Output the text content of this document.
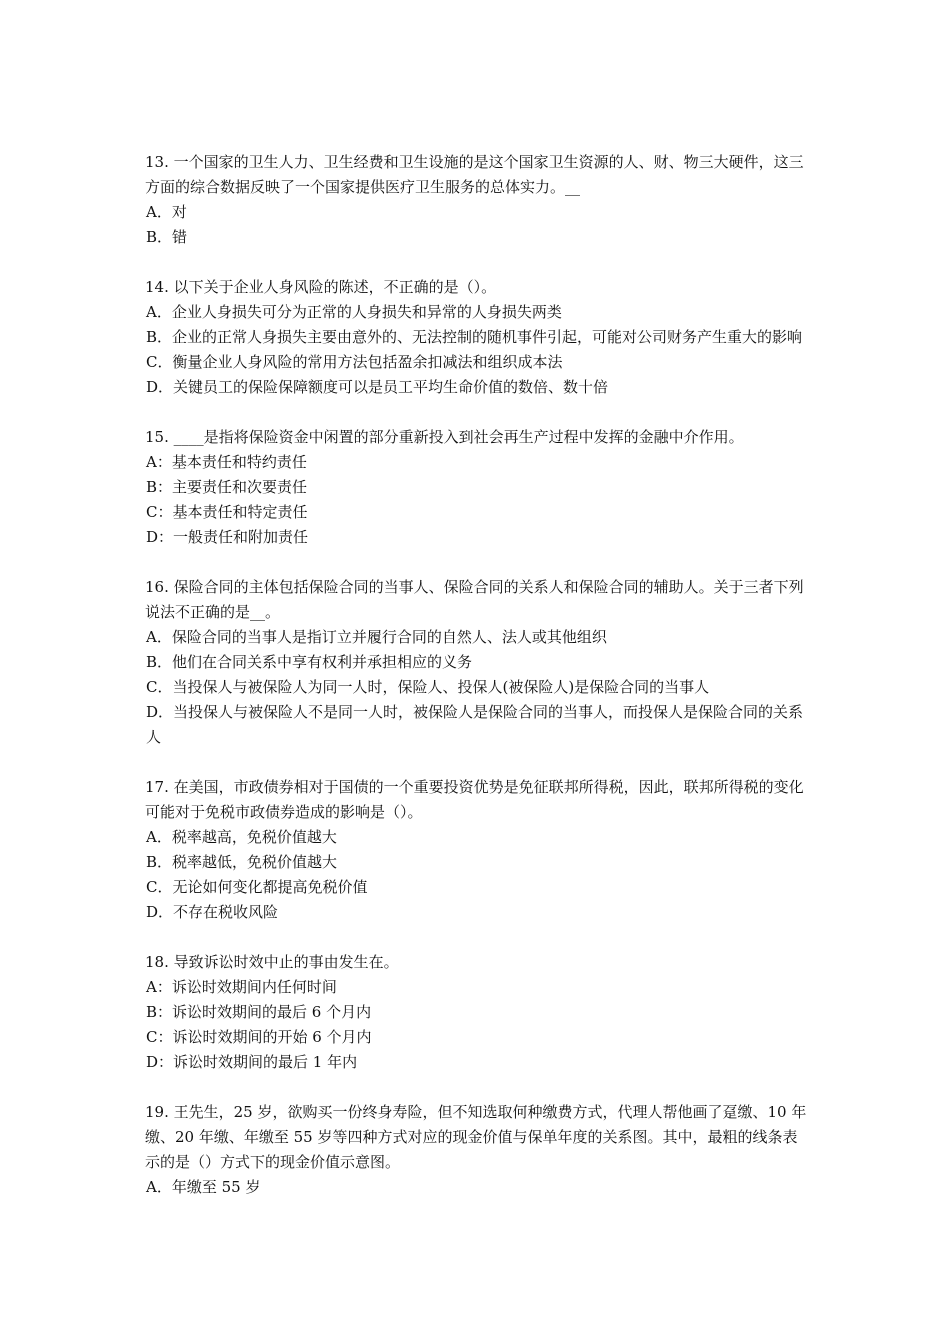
13. 一个国家的卫生人力、卫生经费和卫生设施的是这个国家卫生资源的人、财、物三大硬件，这三方面的综合数据反映了一个国家提供医疗卫生服务的总体实力。__

A．对

B．错

14. 以下关于企业人身风险的陈述，不正确的是（）。

A．企业人身损失可分为正常的人身损失和异常的人身损失两类

B．企业的正常人身损失主要由意外的、无法控制的随机事件引起，可能对公司财务产生重大的影响

C．衡量企业人身风险的常用方法包括盈余扣减法和组织成本法

D．关键员工的保险保障额度可以是员工平均生命价值的数倍、数十倍

15. ____是指将保险资金中闲置的部分重新投入到社会再生产过程中发挥的金融中介作用。

A：基本责任和特约责任

B：主要责任和次要责任

C：基本责任和特定责任

D：一般责任和附加责任

16. 保险合同的主体包括保险合同的当事人、保险合同的关系人和保险合同的辅助人。关于三者下列说法不正确的是__。

A．保险合同的当事人是指订立并履行合同的自然人、法人或其他组织

B．他们在合同关系中享有权利并承担相应的义务

C．当投保人与被保险人为同一人时，保险人、投保人(被保险人)是保险合同的当事人

D．当投保人与被保险人不是同一人时，被保险人是保险合同的当事人，而投保人是保险合同的关系人

17. 在美国，市政债券相对于国债的一个重要投资优势是免征联邦所得税，因此，联邦所得税的变化可能对于免税市政债券造成的影响是（）。

A．税率越高，免税价值越大

B．税率越低，免税价值越大

C．无论如何变化都提高免税价值

D．不存在税收风险

18. 导致诉讼时效中止的事由发生在。

A：诉讼时效期间内任何时间

B：诉讼时效期间的最后 6 个月内

C：诉讼时效期间的开始 6 个月内

D：诉讼时效期间的最后 1 年内

19. 王先生，25 岁，欲购买一份终身寿险，但不知选取何种缴费方式，代理人帮他画了趸缴、10 年缴、20 年缴、年缴至 55 岁等四种方式对应的现金价值与保单年度的关系图。其中，最粗的线条表示的是（）方式下的现金价值示意图。

A．年缴至 55 岁
